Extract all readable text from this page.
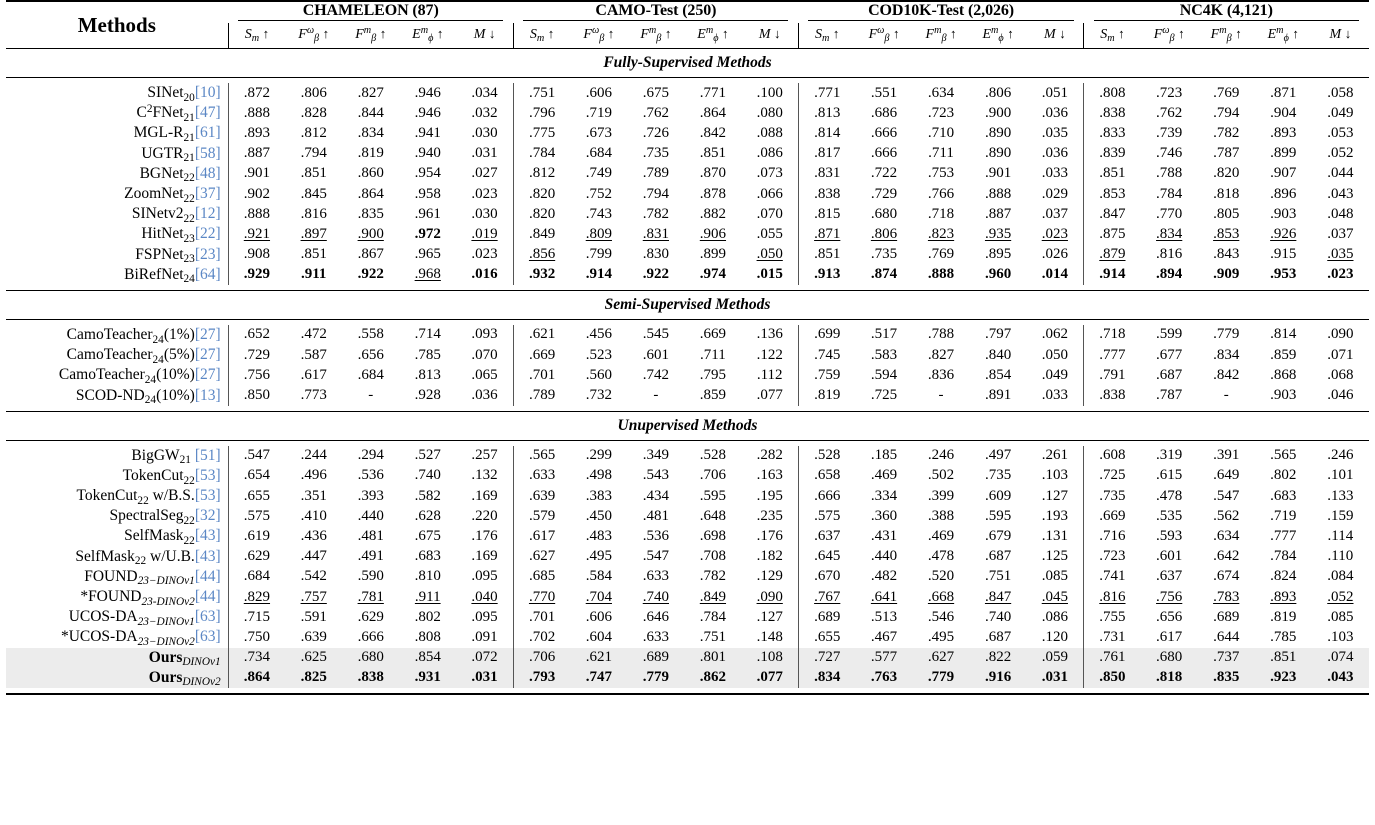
Methods	CHAMELEON (87)					CAMO-Test (250)					COD10K-Test (2,026)					NC4K (4,121)				

	$S_m$ ↑	$F^\omega_\beta$ ↑	$F^m_\beta$ ↑	$E^m_\phi$ ↑	M ↓	$S_m$ ↑	$F^\omega_\beta$ ↑	$F^m_\beta$ ↑	$E^m_\phi$ ↑	M ↓	$S_m$ ↑	$F^\omega_\beta$ ↑	$F^m_\beta$ ↑	$E^m_\phi$ ↑	M ↓	$S_m$ ↑	$F^\omega_\beta$ ↑	$F^m_\beta$ ↑	$E^m_\phi$ ↑	M ↓
Fully-Supervised Methods																				

SINet$_{20}$[10]	.872	.806	.827	.946	.034	.751	.606	.675	.771	.100	.771	.551	.634	.806	.051	.808	.723	.769	.871	.058
$C^2FNet_{21}[47]$	.888	.828	.844	.946	.032	.796	.719	.762	.864	.080	.813	.686	.723	.900	.036	.838	.762	.794	.904	.049
MGL-$R_{21}[61]$	.893	.812	.834	.941	.030	.775	.673	.726	.842	.088	.814	.666	.710	.890	.035	.833	.739	.782	.893	.053
$UGTR_{21}[58]$	.887	.794	.819	.940	.031	.784	.684	.735	.851	.086	.817	.666	.711	.890	.036	.839	.746	.787	.899	.052
BGNet$_{22}$[48]	.901	.851	.860	.954	.027	.812	.749	.789	.870	.073	.831	.722	.753	.901	.033	.851	.788	.820	.907	.044
ZoomNet$_{22}$[37]	.902	.845	.864	.958	.023	.820	.752	.794	.878	.066	.838	.729	.766	.888	.029	.853	.784	.818	.896	.043
$SINetv2_{22}[12]$	.888	.816	.835	.961	.030	.820	.743	.782	.882	.070	.815	.680	.718	.887	.037	.847	.770	.805	.903	.048
HitNet$_{23}$[22]	.921	.897	.900	.972	.019	.849	.809	.831	.906	.055	.871	.806	.823	.935	.023	.875	.834	.853	.926	.037
FSPNet$_{23}$[23]	.908	.851	.867	.965	.023	.856	.799	.830	.899	.050	.851	.735	.769	.895	.026	.879	.816	.843	.915	.035
BiRefNet$_{24}$[64]	.929	.911	.922	.968	.016	.932	.914	.922	.974	.015	.913	.874	.888	.960	.014	.914	.894	.909	.953	.023

Semi-Supervised Methods																				

CamoTeacher$_{24}$(1%)[27]	.652	.472	.558	.714	.093	.621	.456	.545	.669	.136	.699	.517	.788	.797	.062	.718	.599	.779	.814	.090
CamoTeacher$_{24}$(5%)[27]	.729	.587	.656	.785	.070	.669	.523	.601	.711	.122	.745	.583	.827	.840	.050	.777	.677	.834	.859	.071
CamoTeacher$_{24}$(10%)[27]	.756	.617	.684	.813	.065	.701	.560	.742	.795	.112	.759	.594	.836	.854	.049	.791	.687	.842	.868	.068
SCOD-$ND_{24}(10\%)[13]$	.850	.773	-	.928	.036	.789	.732	-	.859	.077	.819	.725	-	.891	.033	.838	.787	-	.903	.046

Unupervised Methods																				

BigGW$_{21}$ [51]	.547	.244	.294	.527	.257	.565	.299	.349	.528	.282	.528	.185	.246	.497	.261	.608	.319	.391	.565	.246
TokenCut$_{22}$[53]	.654	.496	.536	.740	.132	.633	.498	.543	.706	.163	.658	.469	.502	.735	.103	.725	.615	.649	.802	.101
TokenCut$_{22}$ w/B.S.[53]	.655	.351	.393	.582	.169	.639	.383	.434	.595	.195	.666	.334	.399	.609	.127	.735	.478	.547	.683	.133
SpectralSeg$_{22}$[32]	.575	.410	.440	.628	.220	.579	.450	.481	.648	.235	.575	.360	.388	.595	.193	.669	.535	.562	.719	.159
SelfMask$_{22}$[43]	.619	.436	.481	.675	.176	.617	.483	.536	.698	.176	.637	.431	.469	.679	.131	.716	.593	.634	.777	.114
SelfMask$_{22}$ w/U.B.[43]	.629	.447	.491	.683	.169	.627	.495	.547	.708	.182	.645	.440	.478	.687	.125	.723	.601	.642	.784	.110
$FOUND_{23-DINOv1}[44]$	.684	.542	.590	.810	.095	.685	.584	.633	.782	.129	.670	.482	.520	.751	.085	.741	.637	.674	.824	.084
$*FOUND_{23-DINOv2}[44]$	.829	.757	.781	.911	.040	.770	.704	.740	.849	.090	.767	.641	.668	.847	.045	.816	.756	.783	.893	.052
UCOS-$DA_{23-DINOv1}[63]$	.715	.591	.629	.802	.095	.701	.606	.646	.784	.127	.689	.513	.546	.740	.086	.755	.656	.689	.819	.085
$*UCOS-DA_{23-DINOv2}[63]$	.750	.639	.666	.808	.091	.702	.604	.633	.751	.148	.655	.467	.495	.687	.120	.731	.617	.644	.785	.103
Ours$_{DINOv1}$	.734	.625	.680	.854	.072	.706	.621	.689	.801	.108	.727	.577	.627	.822	.059	.761	.680	.737	.851	.074
Ours$_{DINOv2}$	.864	.825	.838	.931	.031	.793	.747	.779	.862	.077	.834	.763	.779	.916	.031	.850	.818	.835	.923	.043
